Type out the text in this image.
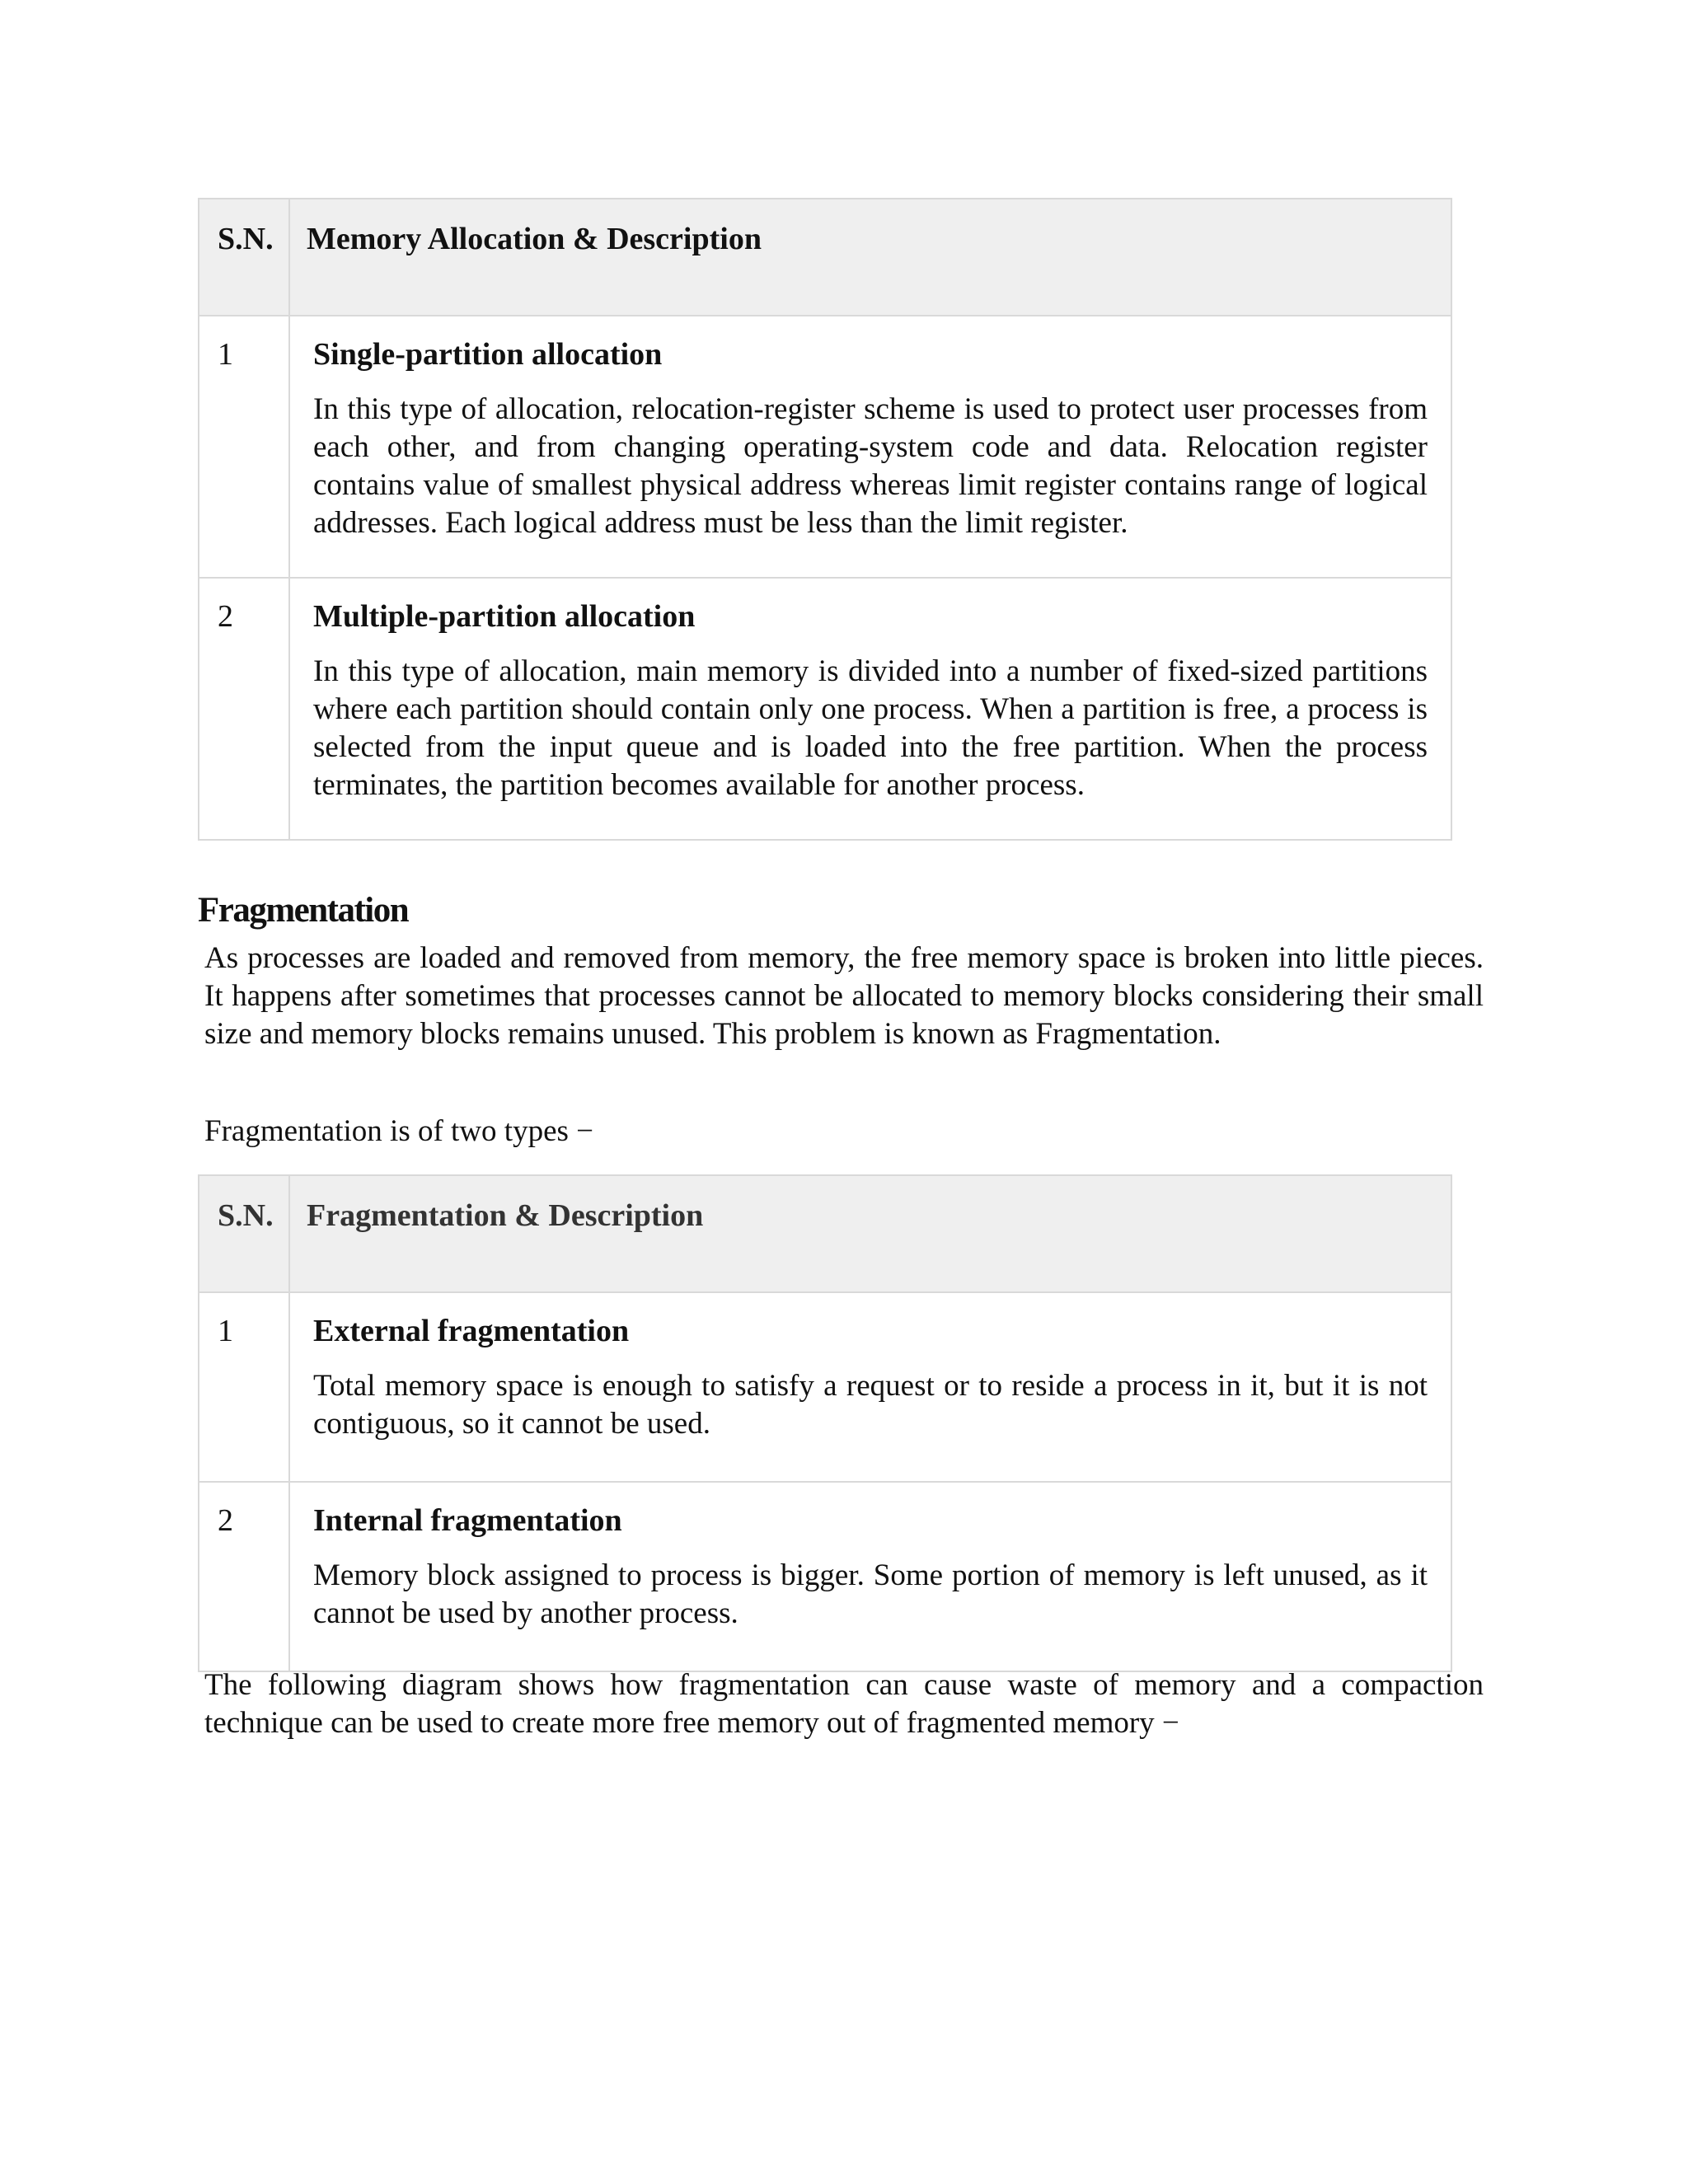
S.N.	Memory Allocation & Description
1	Single-partition allocation

In this type of allocation, relocation-register scheme is used to protect user processes from each other, and from changing operating-system code and data. Relocation register contains value of smallest physical address whereas limit register contains range of logical addresses. Each logical address must be less than the limit register.

2	Multiple-partition allocation

In this type of allocation, main memory is divided into a number of fixed-sized partitions where each partition should contain only one process. When a partition is free, a process is selected from the input queue and is loaded into the free partition. When the process terminates, the partition becomes available for another process.

Fragmentation

As processes are loaded and removed from memory, the free memory space is broken into little pieces. It happens after sometimes that processes cannot be allocated to memory blocks considering their small size and memory blocks remains unused. This problem is known as Fragmentation.

Fragmentation is of two types −

S.N.	Fragmentation & Description
1	External fragmentation

Total memory space is enough to satisfy a request or to reside a process in it, but it is not contiguous, so it cannot be used.

2	Internal fragmentation

Memory block assigned to process is bigger. Some portion of memory is left unused, as it cannot be used by another process.

The following diagram shows how fragmentation can cause waste of memory and a compaction technique can be used to create more free memory out of fragmented memory −
